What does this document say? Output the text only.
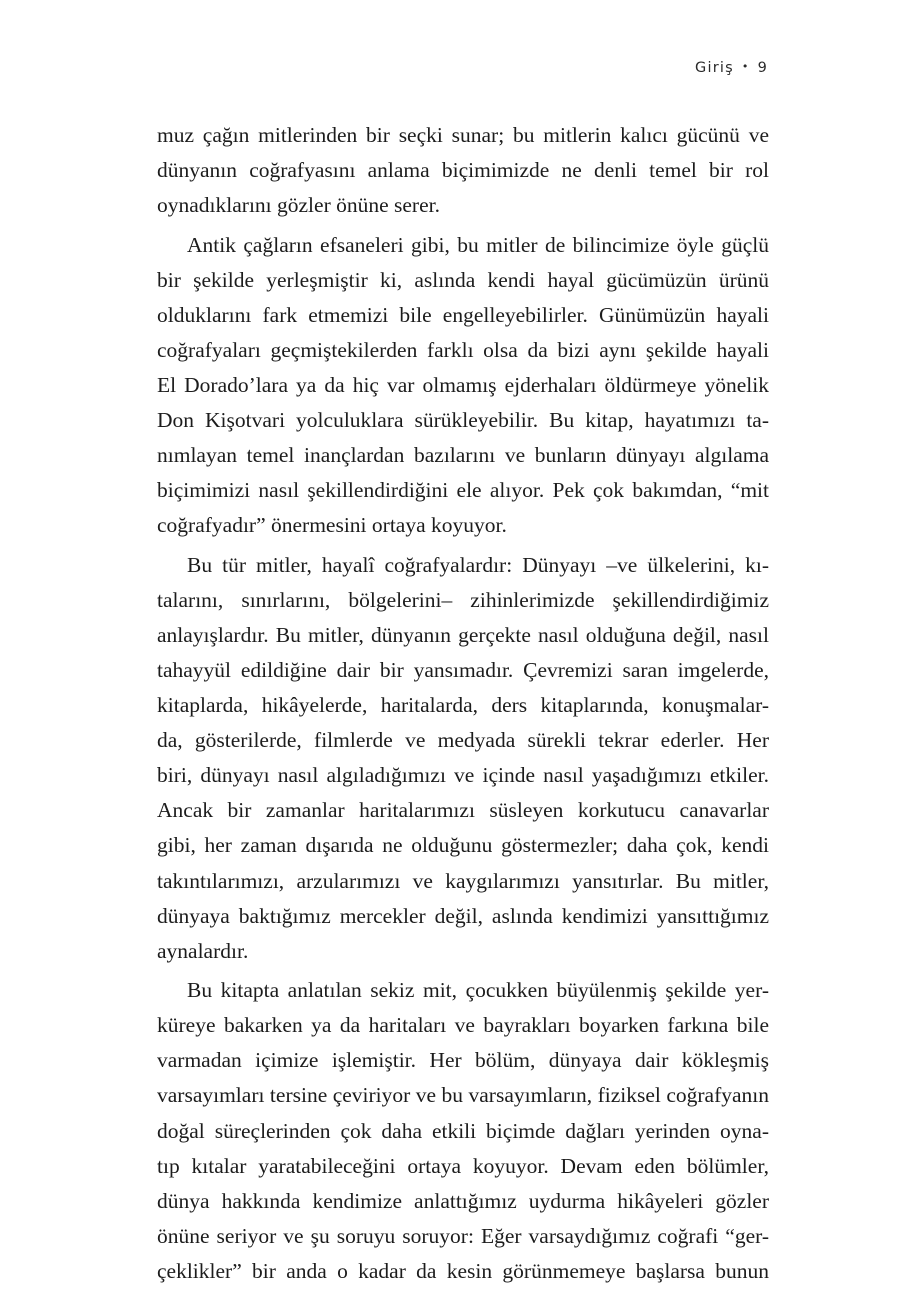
Giriş • 9
muz çağın mitlerinden bir seçki sunar; bu mitlerin kalıcı gücünü ve
dünyanın coğrafyasını anlama biçimimizde ne denli temel bir rol
oynadıklarını gözler önüne serer.
Antik çağların efsaneleri gibi, bu mitler de bilincimize öyle güçlü
bir şekilde yerleşmiştir ki, aslında kendi hayal gücümüzün ürünü
olduklarını fark etmemizi bile engelleyebilirler. Günümüzün hayali
coğrafyaları geçmiştekilerden farklı olsa da bizi aynı şekilde hayali
El Dorado’lara ya da hiç var olmamış ejderhaları öldürmeye yönelik
Don Kişotvari yolculuklara sürükleyebilir. Bu kitap, hayatımızı ta-
nımlayan temel inançlardan bazılarını ve bunların dünyayı algılama
biçimimizi nasıl şekillendirdiğini ele alıyor. Pek çok bakımdan, “mit
coğrafyadır” önermesini ortaya koyuyor.
Bu tür mitler, hayalî coğrafyalardır: Dünyayı –ve ülkelerini, kı-
talarını, sınırlarını, bölgelerini– zihinlerimizde şekillendirdiğimiz
anlayışlardır. Bu mitler, dünyanın gerçekte nasıl olduğuna değil, nasıl
tahayyül edildiğine dair bir yansımadır. Çevremizi saran imgelerde,
kitaplarda, hikâyelerde, haritalarda, ders kitaplarında, konuşmalar-
da, gösterilerde, filmlerde ve medyada sürekli tekrar ederler. Her
biri, dünyayı nasıl algıladığımızı ve içinde nasıl yaşadığımızı etkiler.
Ancak bir zamanlar haritalarımızı süsleyen korkutucu canavarlar
gibi, her zaman dışarıda ne olduğunu göstermezler; daha çok, kendi
takıntılarımızı, arzularımızı ve kaygılarımızı yansıtırlar. Bu mitler,
dünyaya baktığımız mercekler değil, aslında kendimizi yansıttığımız
aynalardır.
Bu kitapta anlatılan sekiz mit, çocukken büyülenmiş şekilde yer-
küreye bakarken ya da haritaları ve bayrakları boyarken farkına bile
varmadan içimize işlemiştir. Her bölüm, dünyaya dair kökleşmiş
varsayımları tersine çeviriyor ve bu varsayımların, fiziksel coğrafyanın
doğal süreçlerinden çok daha etkili biçimde dağları yerinden oyna-
tıp kıtalar yaratabileceğini ortaya koyuyor. Devam eden bölümler,
dünya hakkında kendimize anlattığımız uydurma hikâyeleri gözler
önüne seriyor ve şu soruyu soruyor: Eğer varsaydığımız coğrafi “ger-
çeklikler” bir anda o kadar da kesin görünmemeye başlarsa bunun
